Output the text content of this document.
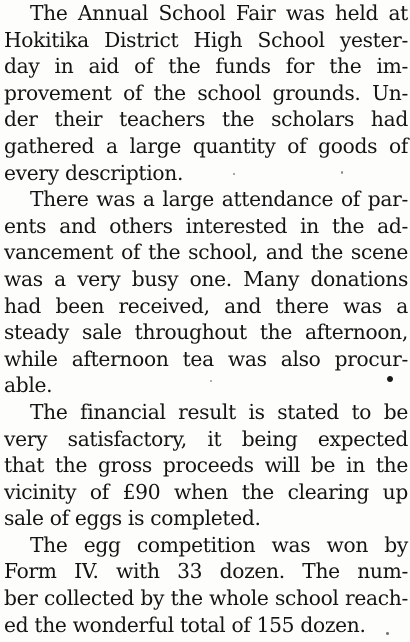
The Annual School Fair was held at
Hokitika District High School yester-
day in aid of the funds for the im-
provement of the school grounds. Un-
der their teachers the scholars had
gathered a large quantity of goods of
every description.
There was a large attendance of par-
ents and others interested in the ad-
vancement of the school, and the scene
was a very busy one. Many donations
had been received, and there was a
steady sale throughout the afternoon,
while afternoon tea was also procur-
able.
The financial result is stated to be
very satisfactory, it being expected
that the gross proceeds will be in the
vicinity of £90 when the clearing up
sale of eggs is completed.
The egg competition was won by
Form IV. with 33 dozen. The num-
ber collected by the whole school reach-
ed the wonderful total of 155 dozen.
